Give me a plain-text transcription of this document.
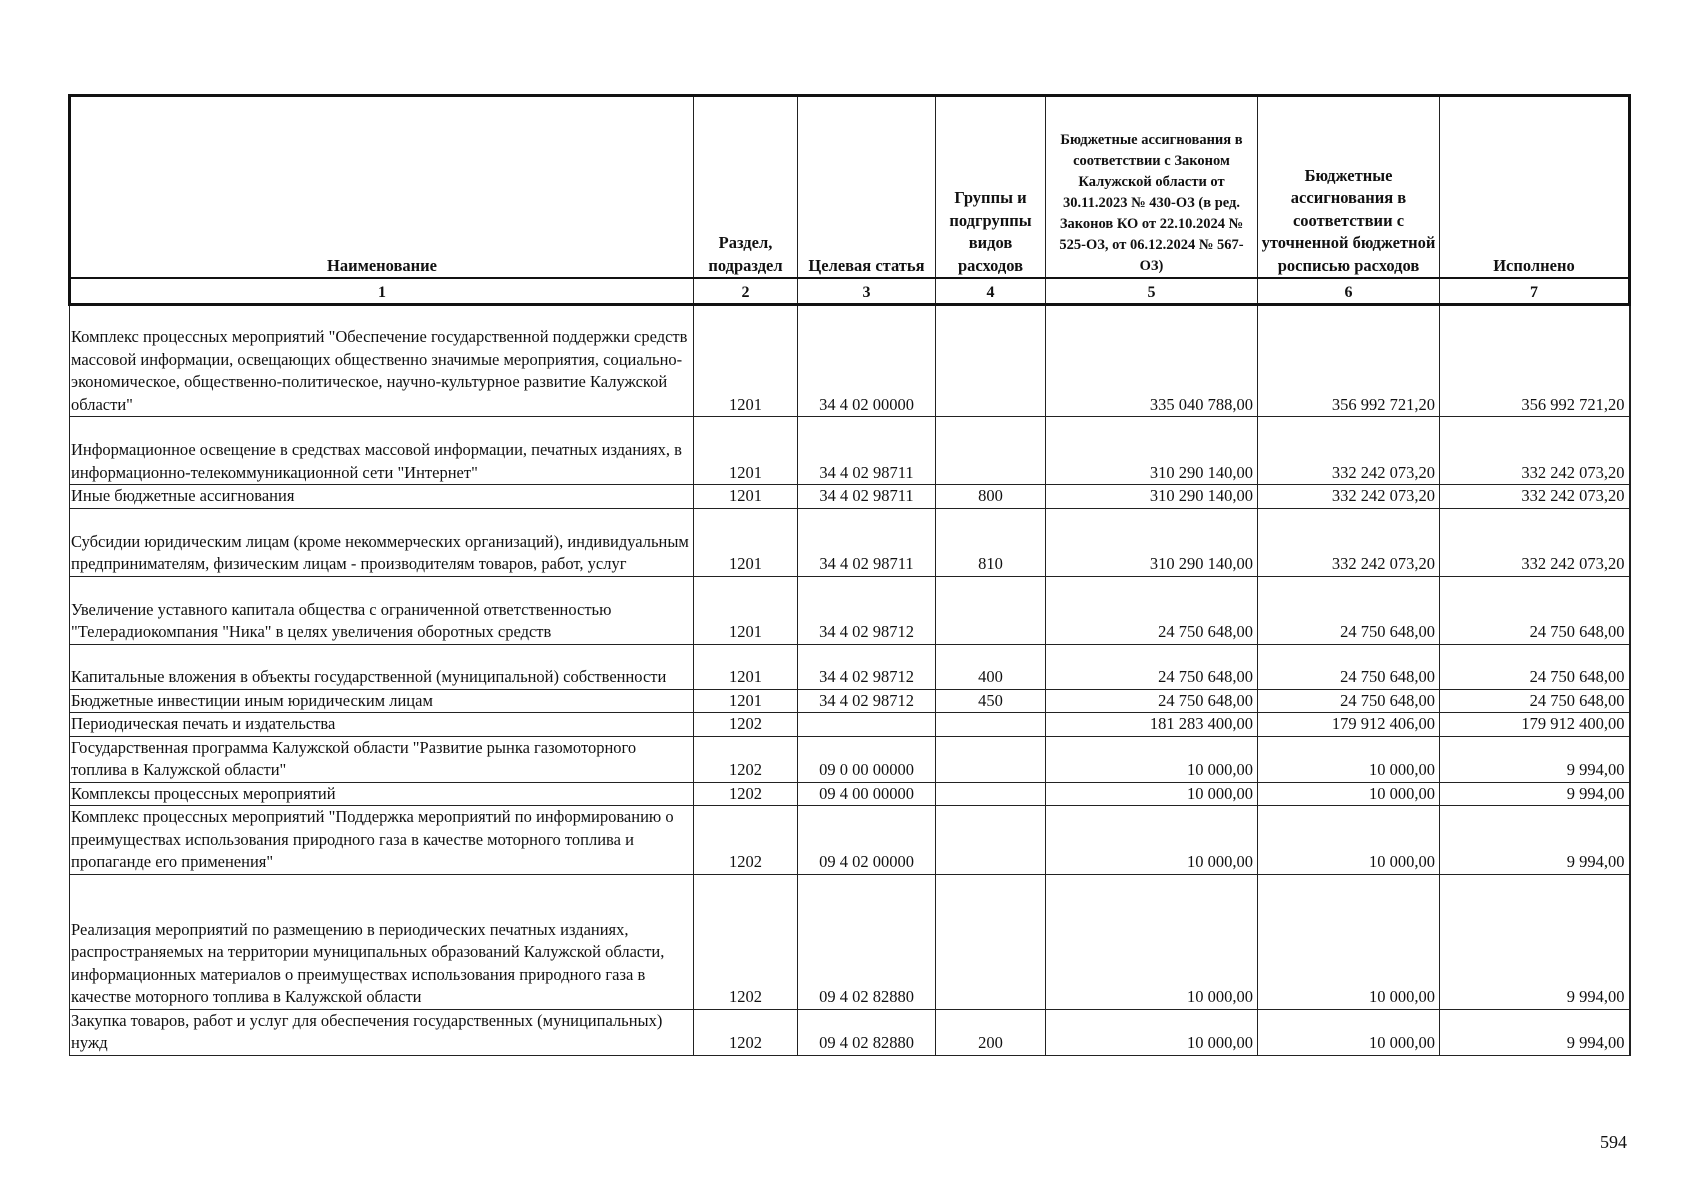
Наименование	Раздел, подраздел	Целевая статья	Группы и подгруппы видов расходов	Бюджетные ассигнования в соответствии с Законом Калужской области от 30.11.2023 № 430-ОЗ (в ред. Законов КО от 22.10.2024 № 525-ОЗ, от 06.12.2024 № 567-ОЗ)	Бюджетные ассигнования в соответствии с уточненной бюджетной росписью расходов	Исполнено
1	2	3	4	5	6	7
Комплекс процессных мероприятий "Обеспечение государственной поддержки средств массовой информации, освещающих общественно значимые мероприятия, социально-экономическое, общественно-политическое, научно-культурное развитие Калужской области"	1201	34 4 02 00000		335 040 788,00	356 992 721,20	356 992 721,20
Информационное освещение в средствах массовой информации, печатных изданиях, в информационно-телекоммуникационной сети "Интернет"	1201	34 4 02 98711		310 290 140,00	332 242 073,20	332 242 073,20
Иные бюджетные ассигнования	1201	34 4 02 98711	800	310 290 140,00	332 242 073,20	332 242 073,20
Субсидии юридическим лицам (кроме некоммерческих организаций), индивидуальным предпринимателям, физическим лицам - производителям товаров, работ, услуг	1201	34 4 02 98711	810	310 290 140,00	332 242 073,20	332 242 073,20
Увеличение уставного капитала общества с ограниченной ответственностью "Телерадиокомпания "Ника" в целях увеличения оборотных средств	1201	34 4 02 98712		24 750 648,00	24 750 648,00	24 750 648,00
Капитальные вложения в объекты государственной (муниципальной) собственности	1201	34 4 02 98712	400	24 750 648,00	24 750 648,00	24 750 648,00
Бюджетные инвестиции иным юридическим лицам	1201	34 4 02 98712	450	24 750 648,00	24 750 648,00	24 750 648,00
Периодическая печать и издательства	1202			181 283 400,00	179 912 406,00	179 912 400,00
Государственная программа Калужской области "Развитие рынка газомоторного топлива в Калужской области"	1202	09 0 00 00000		10 000,00	10 000,00	9 994,00
Комплексы процессных мероприятий	1202	09 4 00 00000		10 000,00	10 000,00	9 994,00
Комплекс процессных мероприятий "Поддержка мероприятий по информированию о преимуществах использования природного газа в качестве моторного топлива и пропаганде его применения"	1202	09 4 02 00000		10 000,00	10 000,00	9 994,00
Реализация мероприятий по размещению в периодических печатных изданиях, распространяемых на территории муниципальных образований Калужской области, информационных материалов о преимуществах использования природного газа в качестве моторного топлива в Калужской области	1202	09 4 02 82880		10 000,00	10 000,00	9 994,00
Закупка товаров, работ и услуг для обеспечения государственных (муниципальных) нужд	1202	09 4 02 82880	200	10 000,00	10 000,00	9 994,00
594
